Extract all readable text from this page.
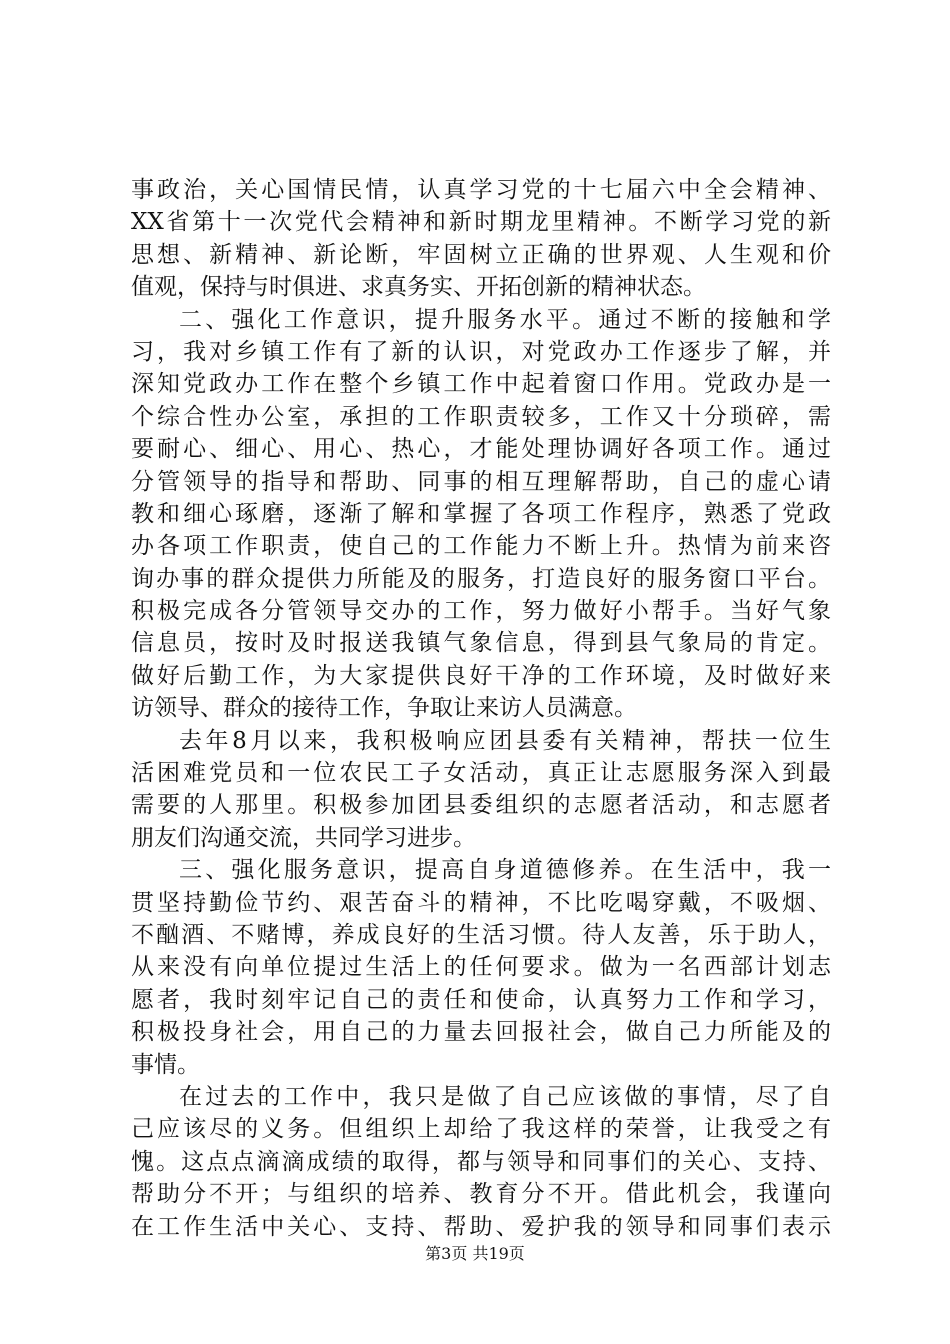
事政治，关心国情民情，认真学习党的十七届六中全会精神、
XX省第十一次党代会精神和新时期龙里精神。不断学习党的新
思想、新精神、新论断，牢固树立正确的世界观、人生观和价
值观，保持与时俱进、求真务实、开拓创新的精神状态。
二、强化工作意识，提升服务水平。通过不断的接触和学
习，我对乡镇工作有了新的认识，对党政办工作逐步了解，并
深知党政办工作在整个乡镇工作中起着窗口作用。党政办是一
个综合性办公室，承担的工作职责较多，工作又十分琐碎，需
要耐心、细心、用心、热心，才能处理协调好各项工作。通过
分管领导的指导和帮助、同事的相互理解帮助，自己的虚心请
教和细心琢磨，逐渐了解和掌握了各项工作程序，熟悉了党政
办各项工作职责，使自己的工作能力不断上升。热情为前来咨
询办事的群众提供力所能及的服务，打造良好的服务窗口平台。
积极完成各分管领导交办的工作，努力做好小帮手。当好气象
信息员，按时及时报送我镇气象信息，得到县气象局的肯定。
做好后勤工作，为大家提供良好干净的工作环境，及时做好来
访领导、群众的接待工作，争取让来访人员满意。
去年8月以来，我积极响应团县委有关精神，帮扶一位生
活困难党员和一位农民工子女活动，真正让志愿服务深入到最
需要的人那里。积极参加团县委组织的志愿者活动，和志愿者
朋友们沟通交流，共同学习进步。
三、强化服务意识，提高自身道德修养。在生活中，我一
贯坚持勤俭节约、艰苦奋斗的精神，不比吃喝穿戴，不吸烟、
不酗酒、不赌博，养成良好的生活习惯。待人友善，乐于助人，
从来没有向单位提过生活上的任何要求。做为一名西部计划志
愿者，我时刻牢记自己的责任和使命，认真努力工作和学习，
积极投身社会，用自己的力量去回报社会，做自己力所能及的
事情。
在过去的工作中，我只是做了自己应该做的事情，尽了自
己应该尽的义务。但组织上却给了我这样的荣誉，让我受之有
愧。这点点滴滴成绩的取得，都与领导和同事们的关心、支持、
帮助分不开；与组织的培养、教育分不开。借此机会，我谨向
在工作生活中关心、支持、帮助、爱护我的领导和同事们表示
第3页 共19页
